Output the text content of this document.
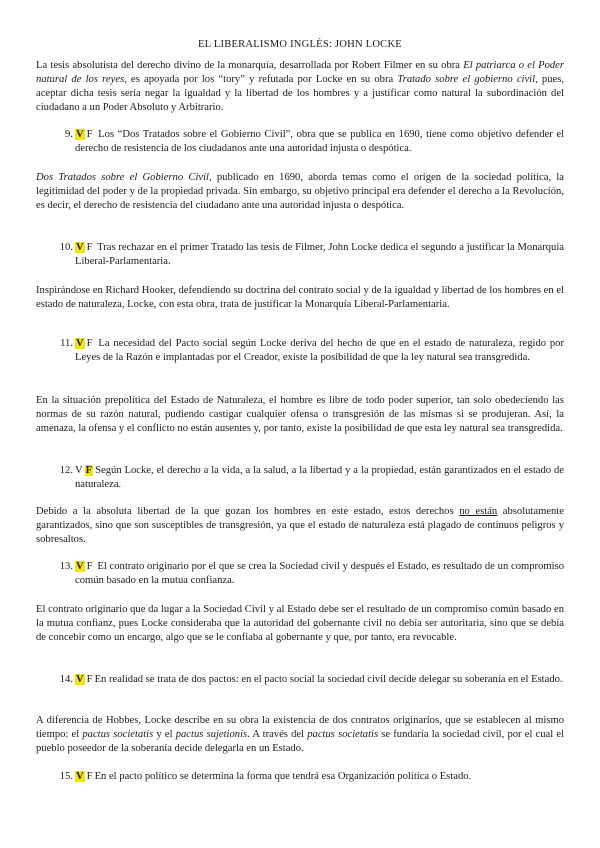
EL LIBERALISMO INGLÉS: JOHN LOCKE
La tesis absolutista del derecho divino de la monarquía, desarrollada por Robert Filmer en su obra El patriarca o el Poder natural de los reyes, es apoyada por los “tory” y refutada por Locke en su obra Tratado sobre el gobierno civil, pues, aceptar dicha tesis sería negar la igualdad y la libertad de los hombres y a justificar como natural la subordinación del ciudadano a un Poder Absoluto y Arbitrario.
9. V F Los “Dos Tratados sobre el Gobierno Civil”, obra que se publica en 1690, tiene como objetivo defender el derecho de resistencia de los ciudadanos ante una autoridad injusta o despótica.
Dos Tratados sobre el Gobierno Civil, publicado en 1690, aborda temas como el origen de la sociedad política, la legitimidad del poder y de la propiedad privada. Sin embargo, su objetivo principal era defender el derecho a la Revolución, es decir, el derecho de resistencia del ciudadano ante una autoridad injusta o despótica.
10. V F Tras rechazar en el primer Tratado las tesis de Filmer, John Locke dedica el segundo a justificar la Monarquía Liberal-Parlamentaria.
Inspirándose en Richard Hooker, defendiendo su doctrina del contrato social y de la igualdad y libertad de los hombres en el estado de naturaleza, Locke, con esta obra, trata de justificar la Monarquía Liberal-Parlamentaria.
11. V F La necesidad del Pacto social según Locke deriva del hecho de que en el estado de naturaleza, regido por Leyes de la Razón e implantadas por el Creador, existe la posibilidad de que la ley natural sea transgredida.
En la situación prepolítica del Estado de Naturaleza, el hombre es libre de todo poder superior, tan solo obedeciendo las normas de su razón natural, pudiendo castigar cualquier ofensa o transgresión de las mismas si se produjeran. Así, la amenaza, la ofensa y el conflicto no están ausentes y, por tanto, existe la posibilidad de que esta ley natural sea transgredida.
12. V F Según Locke, el derecho a la vida, a la salud, a la libertad y a la propiedad, están garantizados en el estado de naturaleza.
Debido a la absoluta libertad de la que gozan los hombres en este estado, estos derechos no están absolutamente garantizados, sino que son susceptibles de transgresión, ya que el estado de naturaleza está plagado de continuos peligros y sobresaltos.
13. V F El contrato originario por el que se crea la Sociedad civil y después el Estado, es resultado de un compromiso común basado en la mutua confianza.
El contrato originario que da lugar a la Sociedad Civil y al Estado debe ser el resultado de un compromiso común basado en la mutua confianz, pues Locke consideraba que la autoridad del gobernante civil no debía ser autoritaria, sino que se debía de concebir como un encargo, algo que se le confiaba al gobernante y que, por tanto, era revocable.
14. V F En realidad se trata de dos pactos: en el pacto social la sociedad civil decide delegar su soberanía en el Estado.
A diferencia de Hobbes, Locke describe en su obra la existencia de dos contratos originarios, que se establecen al mismo tiempo: el pactus societatis y el pactus sujetionis. A través del pactus societatis se fundaría la sociedad civil, por el cual el pueblo poseedor de la soberanía decide delegarla en un Estado.
15. V F En el pacto político se determina la forma que tendrá esa Organización política o Estado.
